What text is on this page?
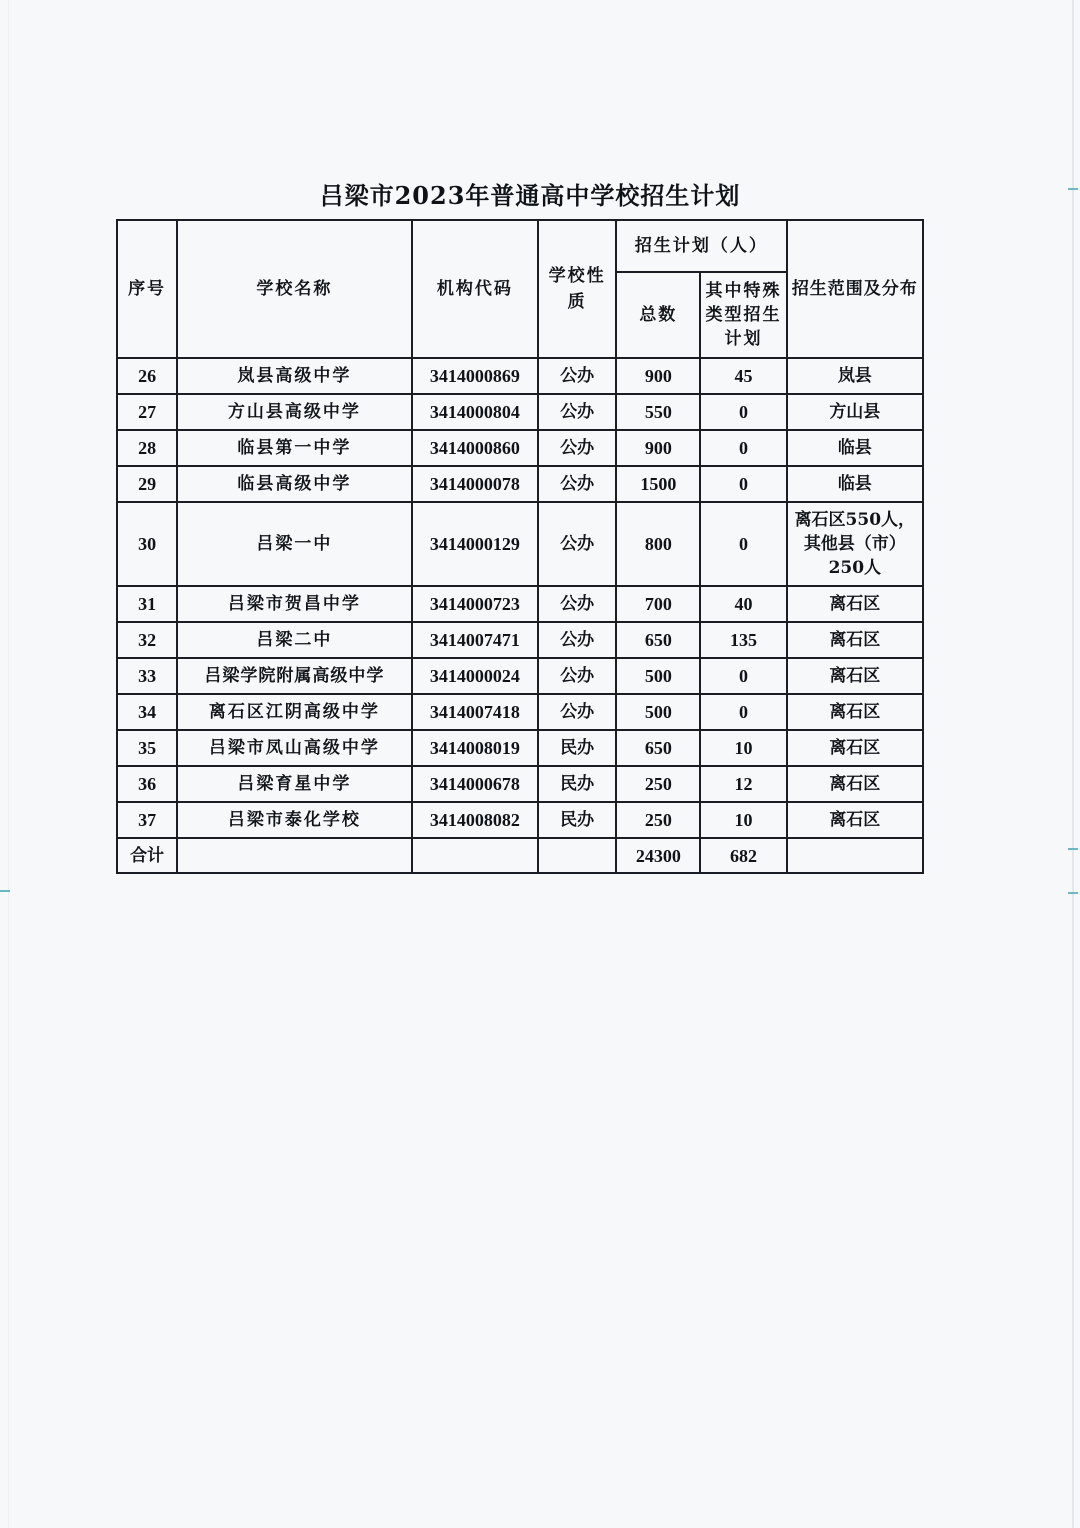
吕梁市2023年普通高中学校招生计划
序号	学校名称	机构代码	学校性质	招生计划（人）		招生范围及分布
				总数	其中特殊类型招生计划	
26	岚县高级中学	3414000869	公办	900	45	岚县
27	方山县高级中学	3414000804	公办	550	0	方山县
28	临县第一中学	3414000860	公办	900	0	临县
29	临县高级中学	3414000078	公办	1500	0	临县
30	吕梁一中	3414000129	公办	800	0	离石区550人，其他县（市）250人
31	吕梁市贺昌中学	3414000723	公办	700	40	离石区
32	吕梁二中	3414007471	公办	650	135	离石区
33	吕梁学院附属高级中学	3414000024	公办	500	0	离石区
34	离石区江阴高级中学	3414007418	公办	500	0	离石区
35	吕梁市凤山高级中学	3414008019	民办	650	10	离石区
36	吕梁育星中学	3414000678	民办	250	12	离石区
37	吕梁市泰化学校	3414008082	民办	250	10	离石区
合计				24300	682	
